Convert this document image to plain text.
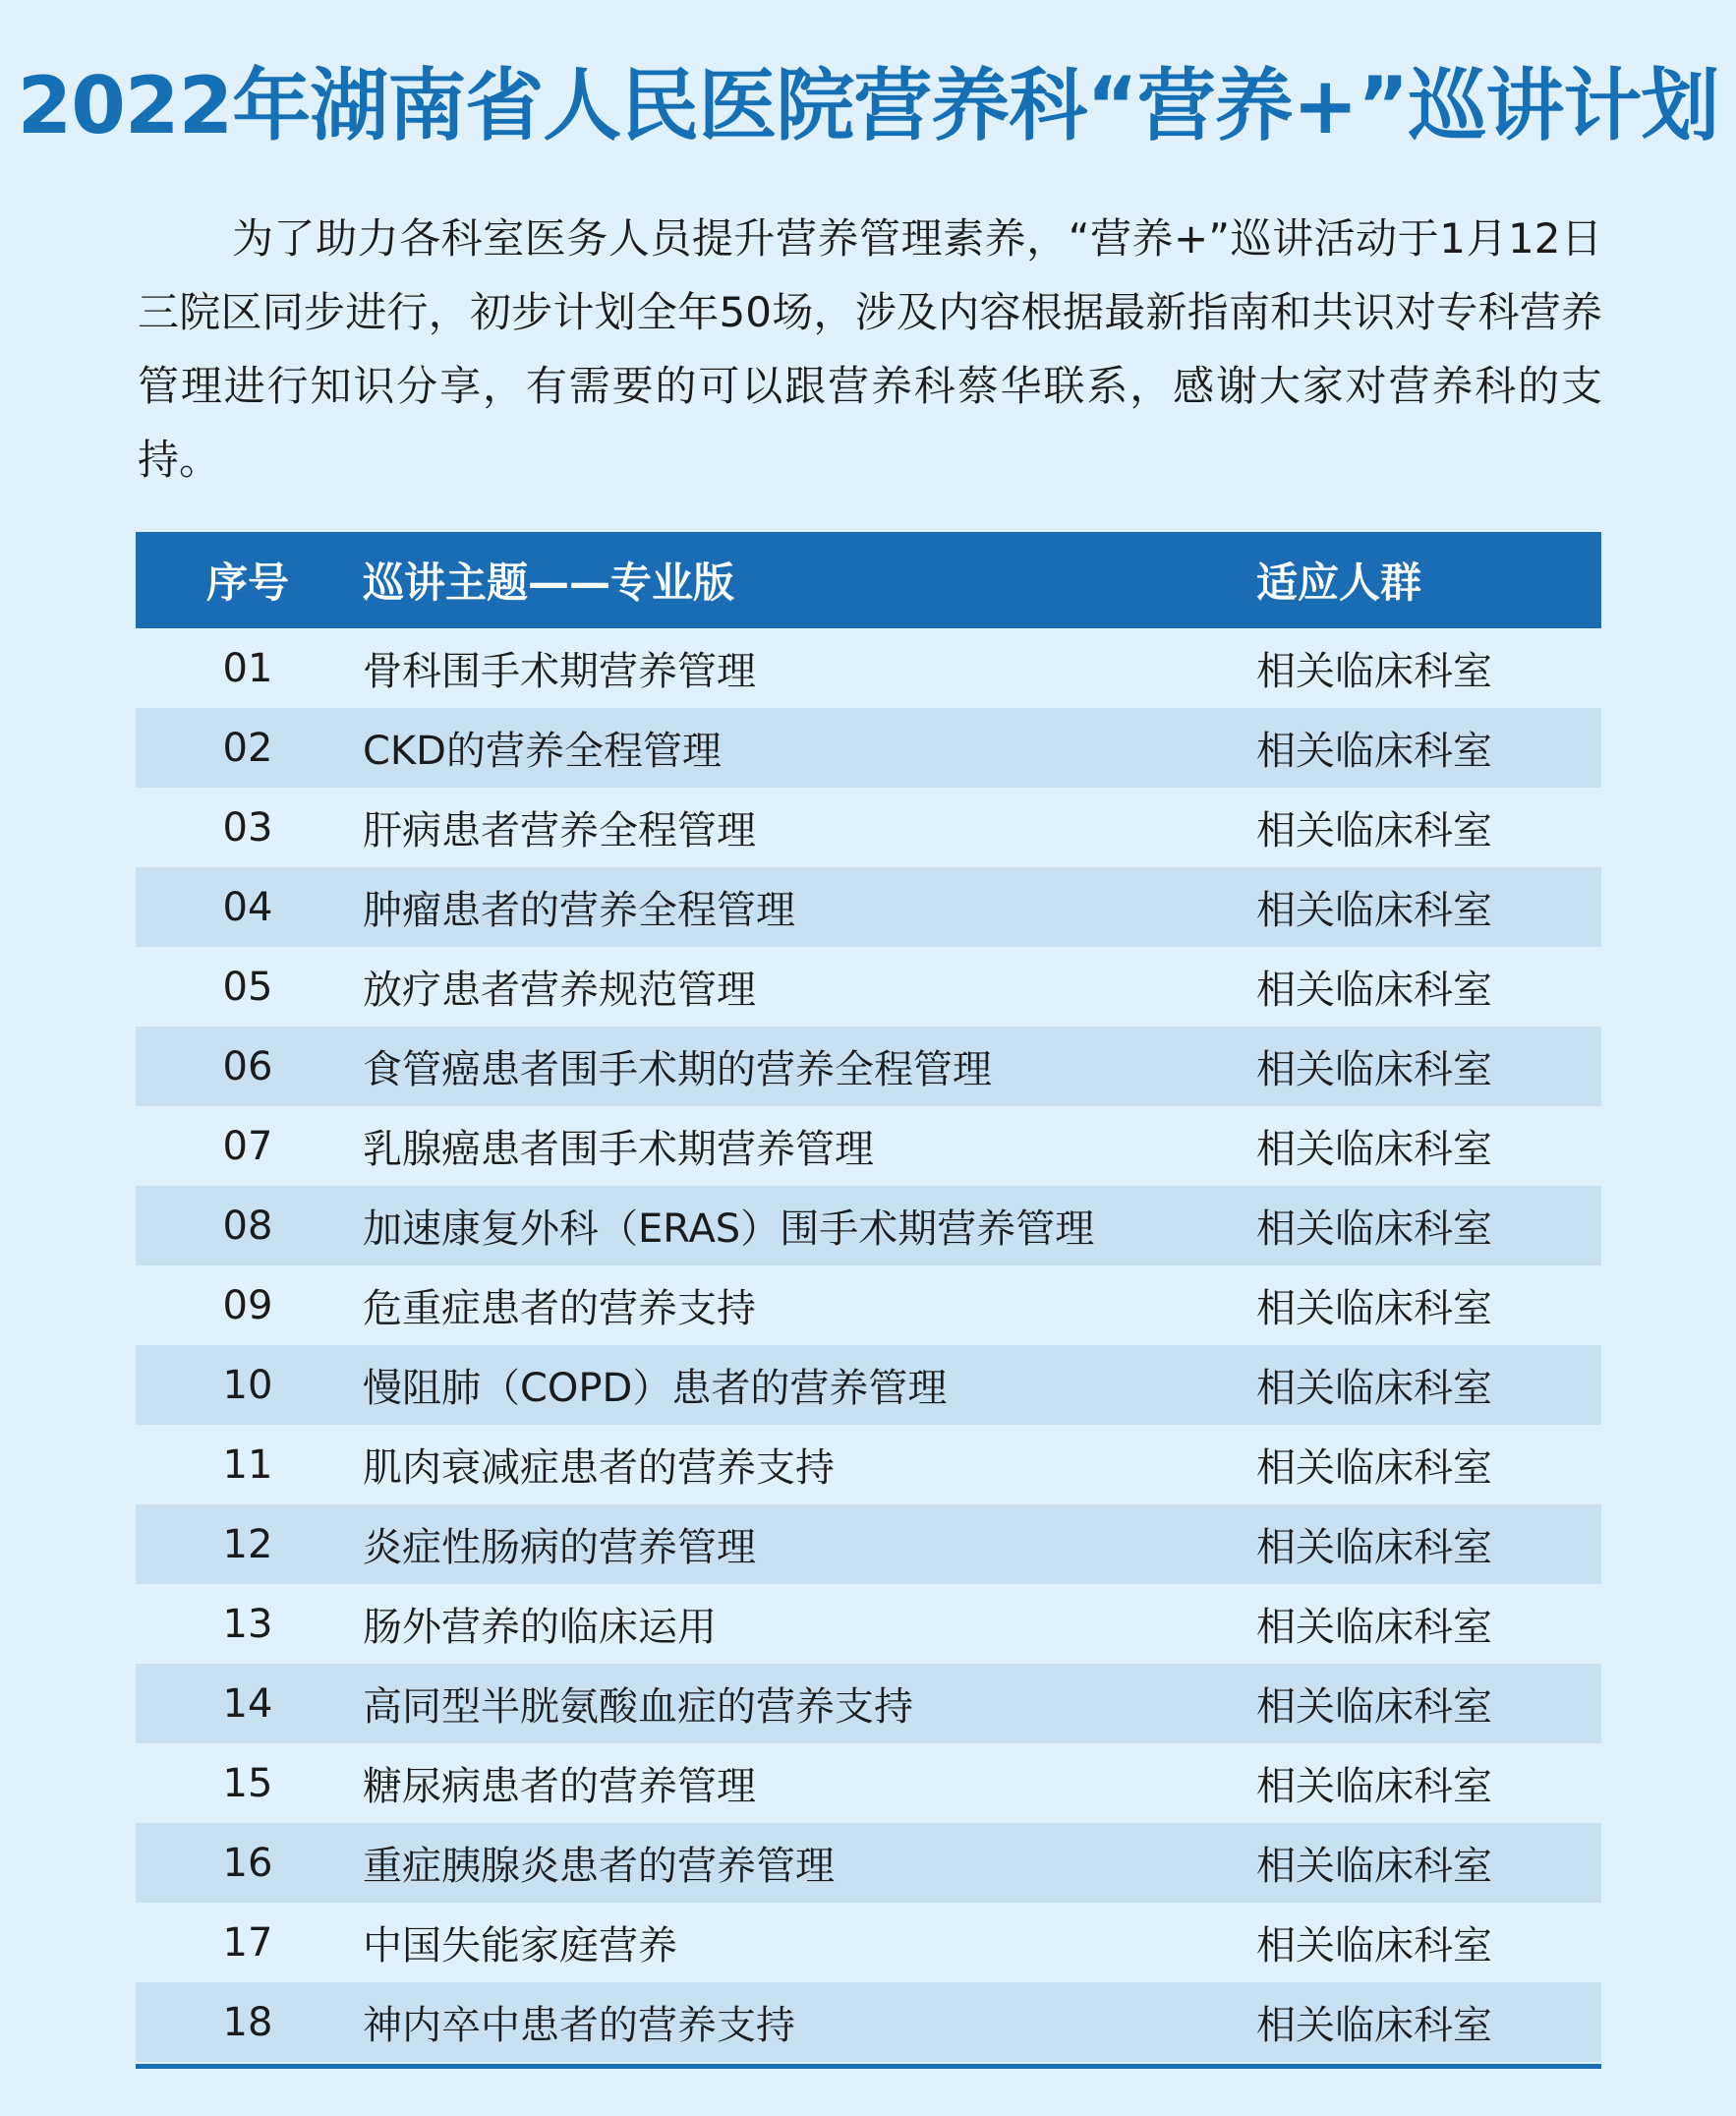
2022年湖南省人民医院营养科“营养+”巡讲计划
为了助力各科室医务人员提升营养管理素养，“营养+”巡讲活动于1月12日三院区同步进行，初步计划全年50场，涉及内容根据最新指南和共识对专科营养管理进行知识分享，有需要的可以跟营养科蔡华联系，感谢大家对营养科的支持。
序号	巡讲主题——专业版	适应人群
01	骨科围手术期营养管理	相关临床科室
02	CKD的营养全程管理	相关临床科室
03	肝病患者营养全程管理	相关临床科室
04	肿瘤患者的营养全程管理	相关临床科室
05	放疗患者营养规范管理	相关临床科室
06	食管癌患者围手术期的营养全程管理	相关临床科室
07	乳腺癌患者围手术期营养管理	相关临床科室
08	加速康复外科（ERAS）围手术期营养管理	相关临床科室
09	危重症患者的营养支持	相关临床科室
10	慢阻肺（COPD）患者的营养管理	相关临床科室
11	肌肉衰减症患者的营养支持	相关临床科室
12	炎症性肠病的营养管理	相关临床科室
13	肠外营养的临床运用	相关临床科室
14	高同型半胱氨酸血症的营养支持	相关临床科室
15	糖尿病患者的营养管理	相关临床科室
16	重症胰腺炎患者的营养管理	相关临床科室
17	中国失能家庭营养	相关临床科室
18	神内卒中患者的营养支持	相关临床科室
